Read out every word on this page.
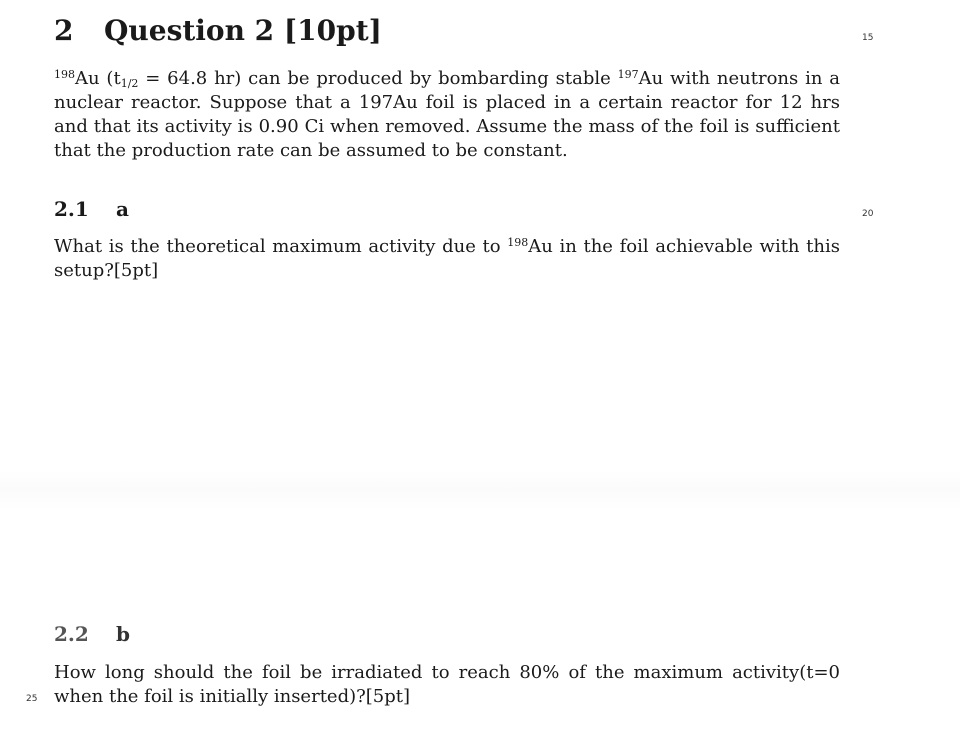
2 Question 2 [10pt]	15

$^{198}$Au ($t_{1/2} = 64.8$ hr) can be produced by bombarding stable $^{197}$Au with neutrons in a nuclear reactor. Suppose that a 197Au foil is placed in a certain reactor for 12 hrs and that its activity is 0.90 Ci when removed. Assume the mass of the foil is sufficient that the production rate can be assumed to be constant.

2.1 a	20

What is the theoretical maximum activity due to $^{198}$Au in the foil achievable with this setup?[5pt]

2.2 b

How long should the foil be irradiated to reach 80% of the maximum activity(t=0 when the foil is initially inserted)?[5pt]

25
